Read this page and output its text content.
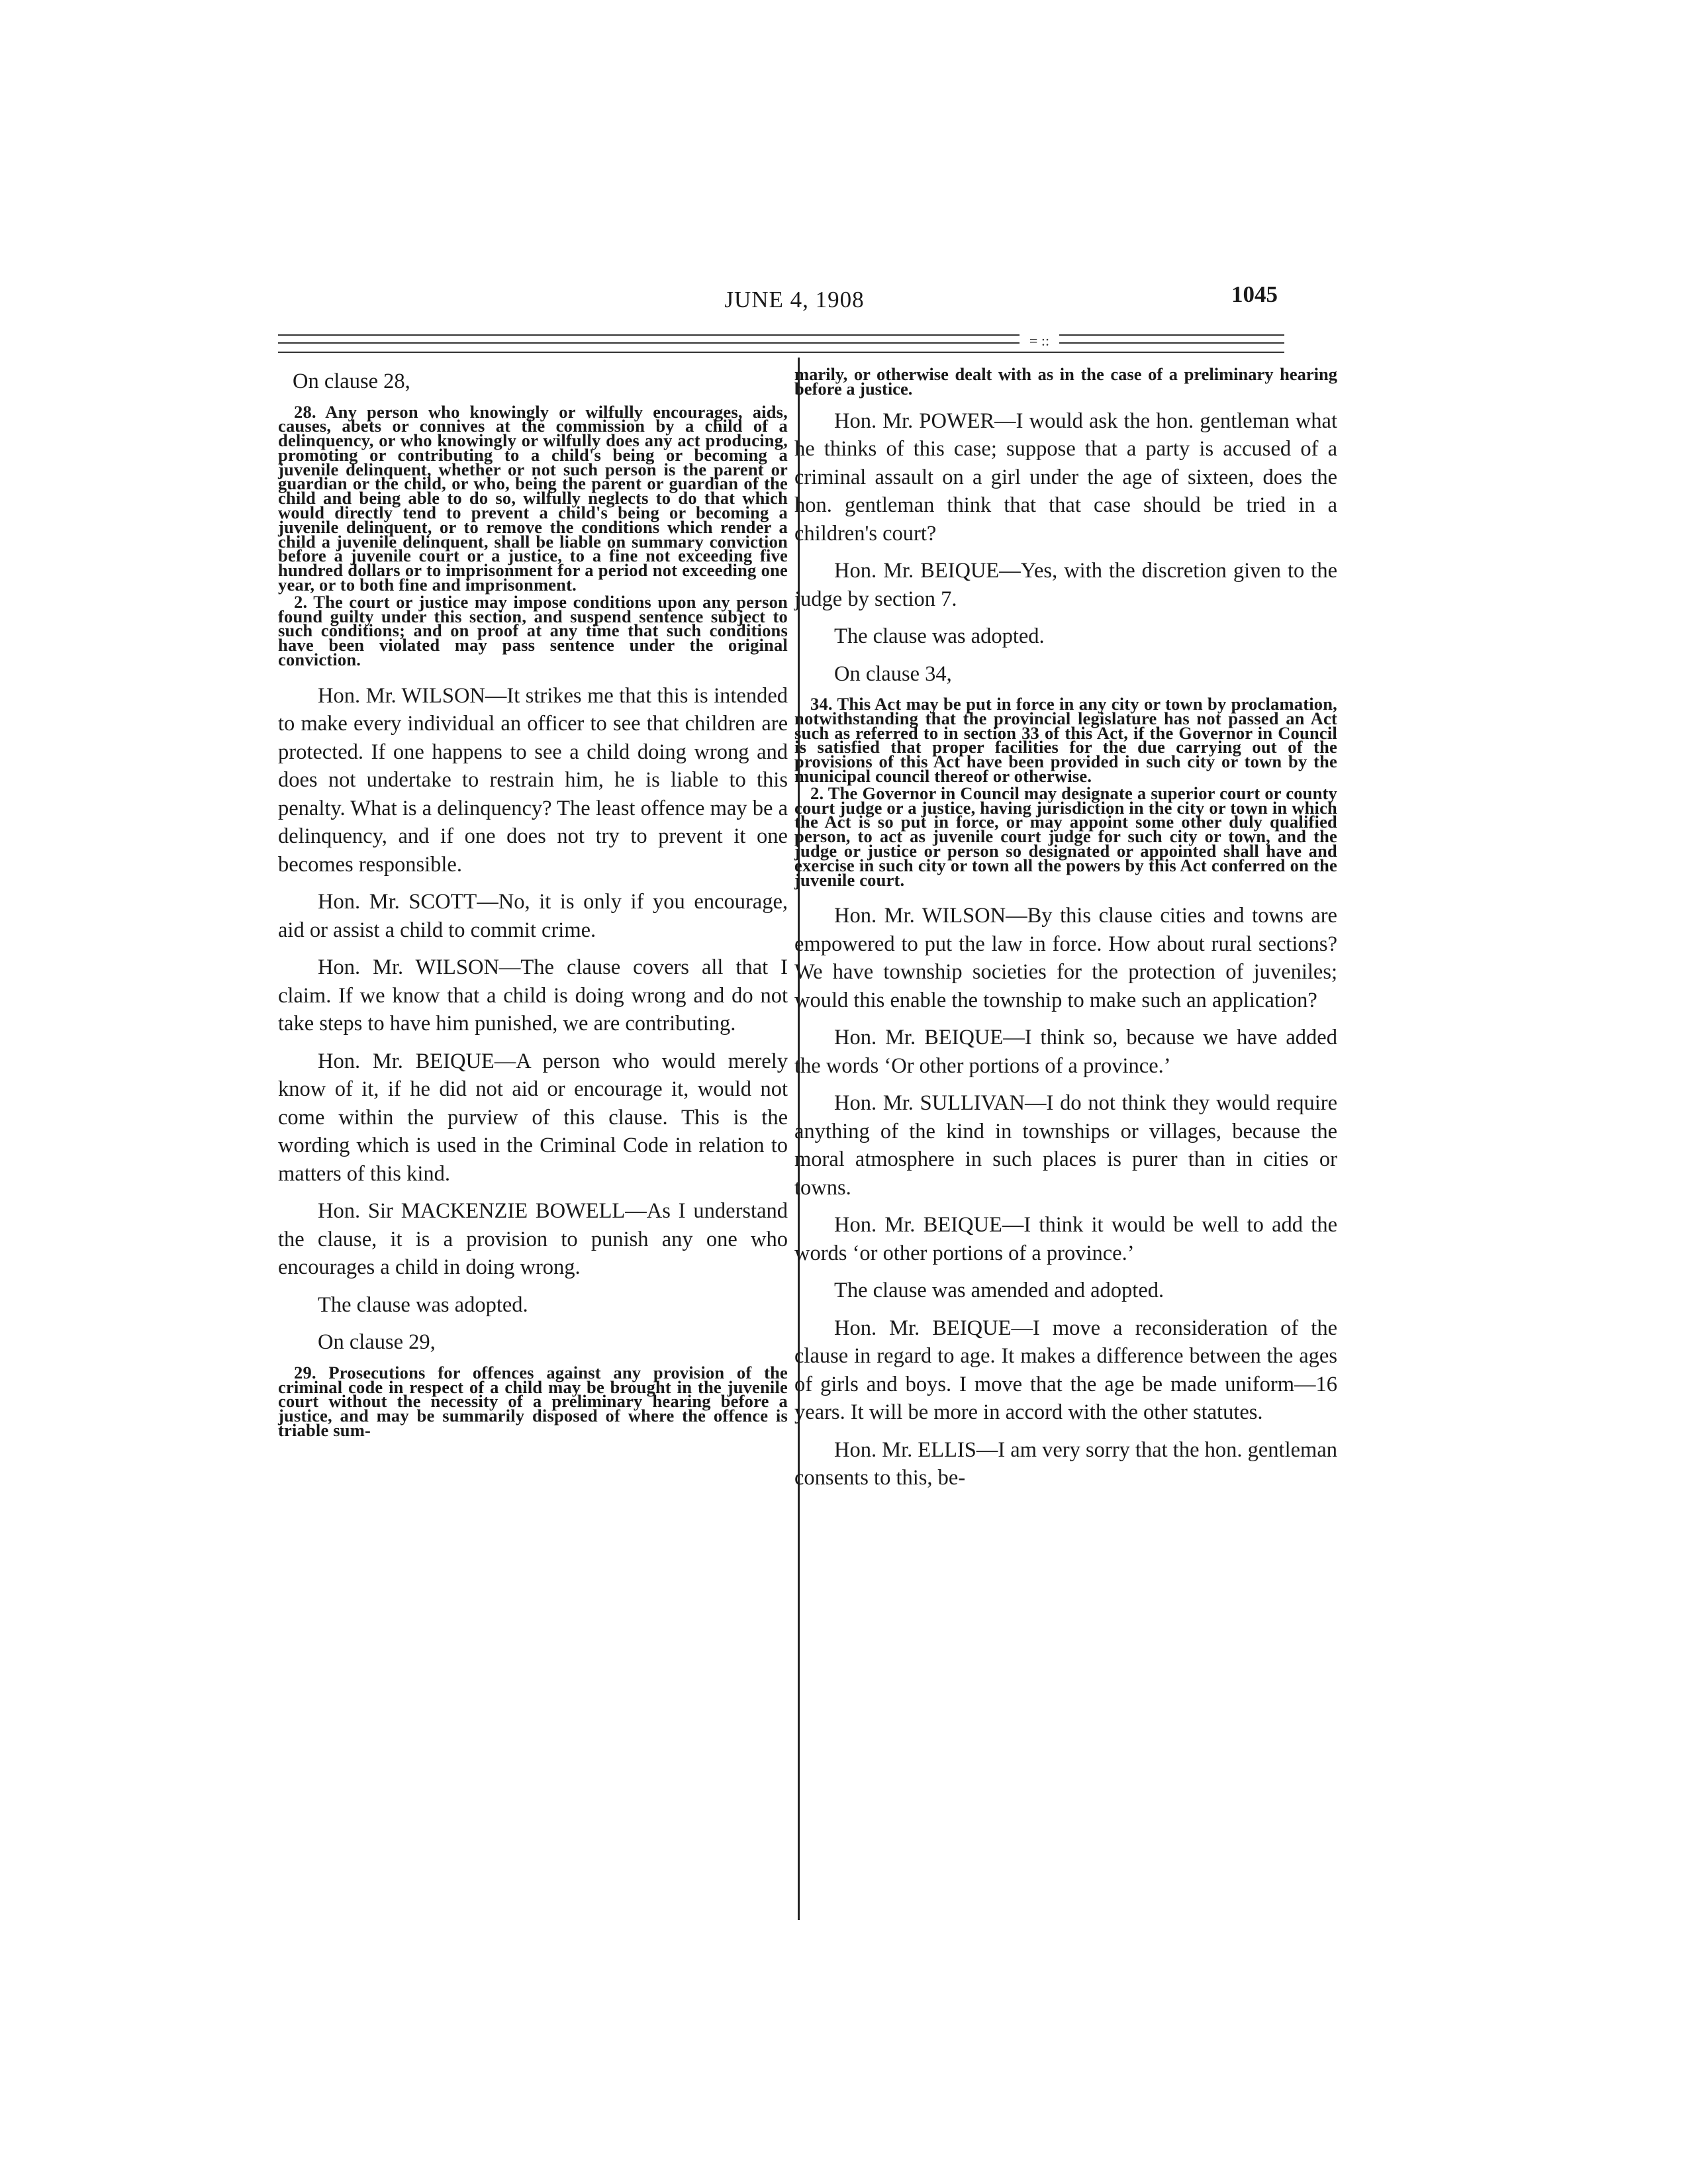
JUNE 4, 1908	1045
= ::

On clause 28,

28. Any person who knowingly or wilfully encourages, aids, causes, abets or connives at the commission by a child of a delinquency, or who knowingly or wilfully does any act producing, promoting or contributing to a child's being or becoming a juvenile delinquent, whether or not such person is the parent or guardian or the child, or who, being the parent or guardian of the child and being able to do so, wilfully neglects to do that which would directly tend to prevent a child's being or becoming a juvenile delinquent, or to remove the conditions which render a child a juvenile delinquent, shall be liable on summary conviction before a juvenile court or a justice, to a fine not exceeding five hundred dollars or to imprisonment for a period not exceeding one year, or to both fine and imprisonment.

2. The court or justice may impose conditions upon any person found guilty under this section, and suspend sentence subject to such conditions; and on proof at any time that such conditions have been violated may pass sentence under the original conviction.

Hon. Mr. WILSON—It strikes me that this is intended to make every individual an officer to see that children are protected. If one happens to see a child doing wrong and does not undertake to restrain him, he is liable to this penalty. What is a delinquency? The least offence may be a delinquency, and if one does not try to prevent it one becomes responsible.

Hon. Mr. SCOTT—No, it is only if you encourage, aid or assist a child to commit crime.

Hon. Mr. WILSON—The clause covers all that I claim. If we know that a child is doing wrong and do not take steps to have him punished, we are contributing.

Hon. Mr. BEIQUE—A person who would merely know of it, if he did not aid or encourage it, would not come within the purview of this clause. This is the wording which is used in the Criminal Code in relation to matters of this kind.

Hon. Sir MACKENZIE BOWELL—As I understand the clause, it is a provision to punish any one who encourages a child in doing wrong.

The clause was adopted.

On clause 29,

29. Prosecutions for offences against any provision of the criminal code in respect of a child may be brought in the juvenile court without the necessity of a preliminary hearing before a justice, and may be summarily disposed of where the offence is triable sum-

marily, or otherwise dealt with as in the case of a preliminary hearing before a justice.

Hon. Mr. POWER—I would ask the hon. gentleman what he thinks of this case; suppose that a party is accused of a criminal assault on a girl under the age of sixteen, does the hon. gentleman think that that case should be tried in a children's court?

Hon. Mr. BEIQUE—Yes, with the discretion given to the judge by section 7.

The clause was adopted.

On clause 34,

34. This Act may be put in force in any city or town by proclamation, notwithstanding that the provincial legislature has not passed an Act such as referred to in section 33 of this Act, if the Governor in Council is satisfied that proper facilities for the due carrying out of the provisions of this Act have been provided in such city or town by the municipal council thereof or otherwise.

2. The Governor in Council may designate a superior court or county court judge or a justice, having jurisdiction in the city or town in which the Act is so put in force, or may appoint some other duly qualified person, to act as juvenile court judge for such city or town, and the judge or justice or person so designated or appointed shall have and exercise in such city or town all the powers by this Act conferred on the juvenile court.

Hon. Mr. WILSON—By this clause cities and towns are empowered to put the law in force. How about rural sections? We have township societies for the protection of juveniles; would this enable the township to make such an application?

Hon. Mr. BEIQUE—I think so, because we have added the words ‘Or other portions of a province.’

Hon. Mr. SULLIVAN—I do not think they would require anything of the kind in townships or villages, because the moral atmosphere in such places is purer than in cities or towns.

Hon. Mr. BEIQUE—I think it would be well to add the words ‘or other portions of a province.’

The clause was amended and adopted.

Hon. Mr. BEIQUE—I move a reconsideration of the clause in regard to age. It makes a difference between the ages of girls and boys. I move that the age be made uniform—16 years. It will be more in accord with the other statutes.

Hon. Mr. ELLIS—I am very sorry that the hon. gentleman consents to this, be-
